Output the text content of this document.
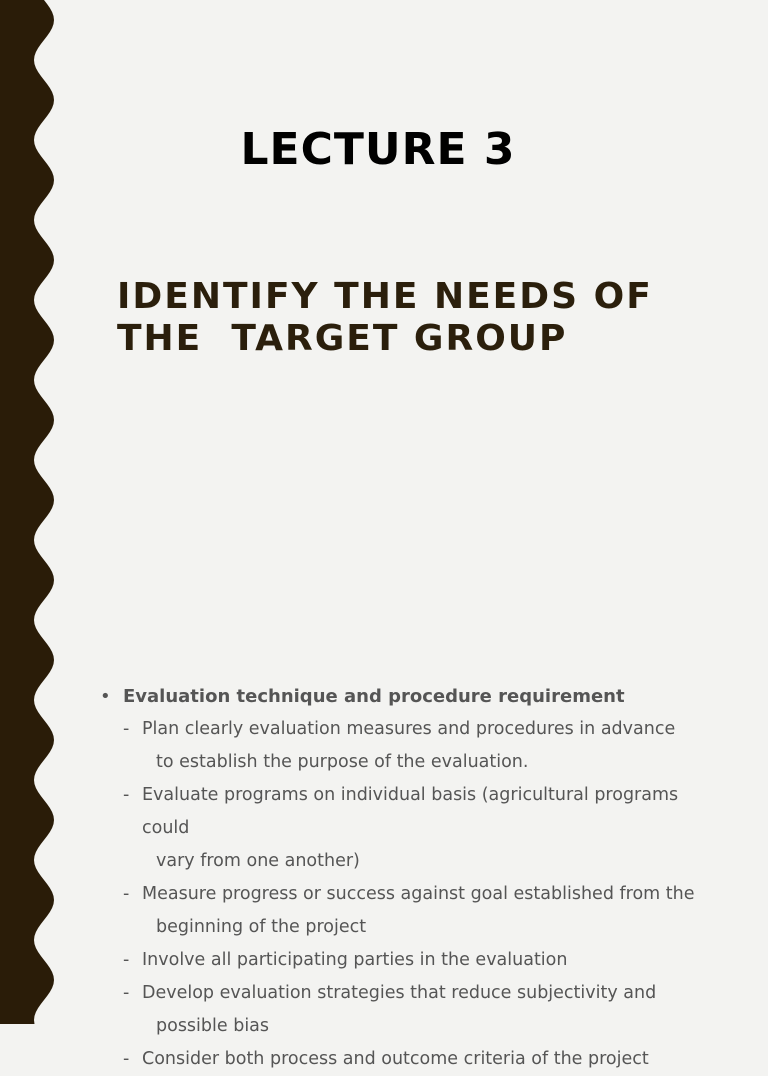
LECTURE 3
IDENTIFY THE NEEDS OF
THE  TARGET GROUP
• Evaluation technique and procedure requirement
- Plan clearly evaluation measures and procedures in advance
to establish the purpose of the evaluation.
- Evaluate programs on individual basis (agricultural programs could
vary from one another)
- Measure progress or success against goal established from the
beginning of the project
- Involve all participating parties in the evaluation
- Develop evaluation strategies that reduce subjectivity and
possible bias
- Consider both process and outcome criteria of the project
